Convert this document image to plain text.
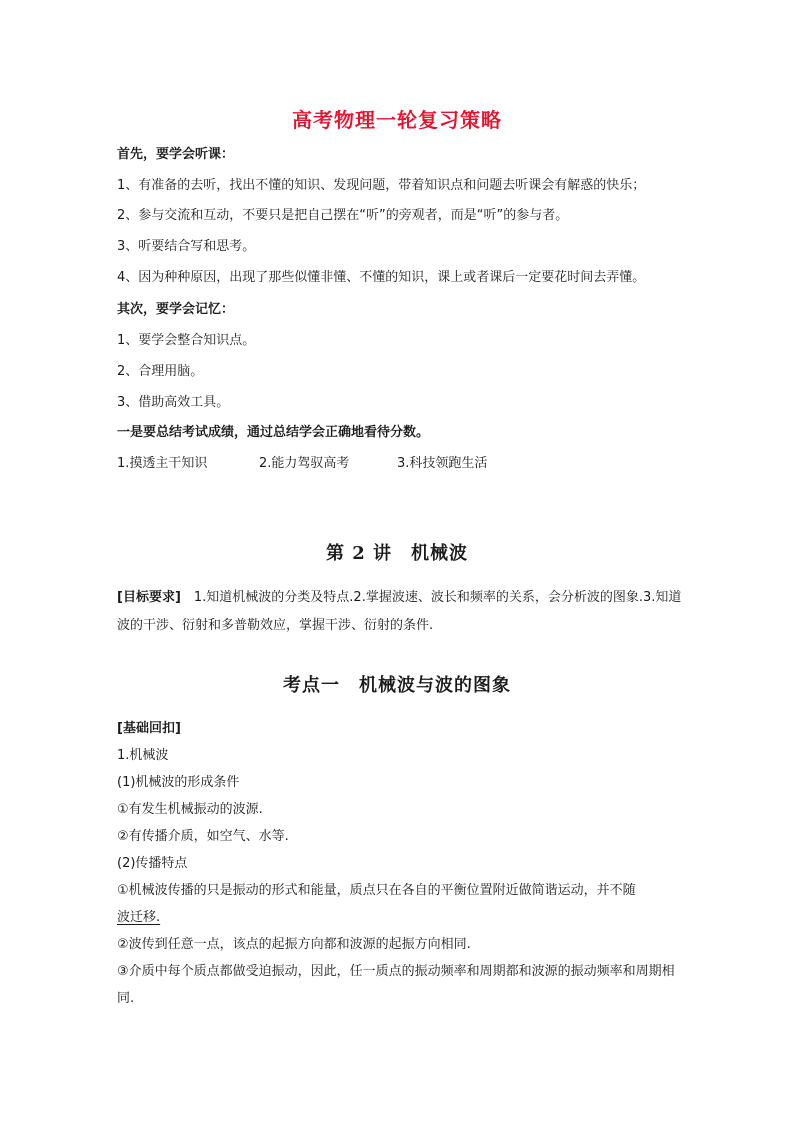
高考物理一轮复习策略
首先，要学会听课：
1、有准备的去听，找出不懂的知识、发现问题，带着知识点和问题去听课会有解惑的快乐；
2、参与交流和互动，不要只是把自己摆在“听”的旁观者，而是“听”的参与者。
3、听要结合写和思考。
4、因为种种原因，出现了那些似懂非懂、不懂的知识，课上或者课后一定要花时间去弄懂。
其次，要学会记忆：
1、要学会整合知识点。
2、合理用脑。
3、借助高效工具。
一是要总结考试成绩，通过总结学会正确地看待分数。
1.摸透主干知识	2.能力驾驭高考	3.科技领跑生活
第 2 讲　机械波
[目标要求]　1.知道机械波的分类及特点.2.掌握波速、波长和频率的关系，会分析波的图象.3.知道波的干涉、衍射和多普勒效应，掌握干涉、衍射的条件.
考点一　机械波与波的图象
[基础回扣]
1.机械波
(1)机械波的形成条件
①有发生机械振动的波源.
②有传播介质，如空气、水等.
(2)传播特点
①机械波传播的只是振动的形式和能量，质点只在各自的平衡位置附近做简谐运动，并不随
波迁移.
②波传到任意一点，该点的起振方向都和波源的起振方向相同.
③介质中每个质点都做受迫振动，因此，任一质点的振动频率和周期都和波源的振动频率和周期相同.
